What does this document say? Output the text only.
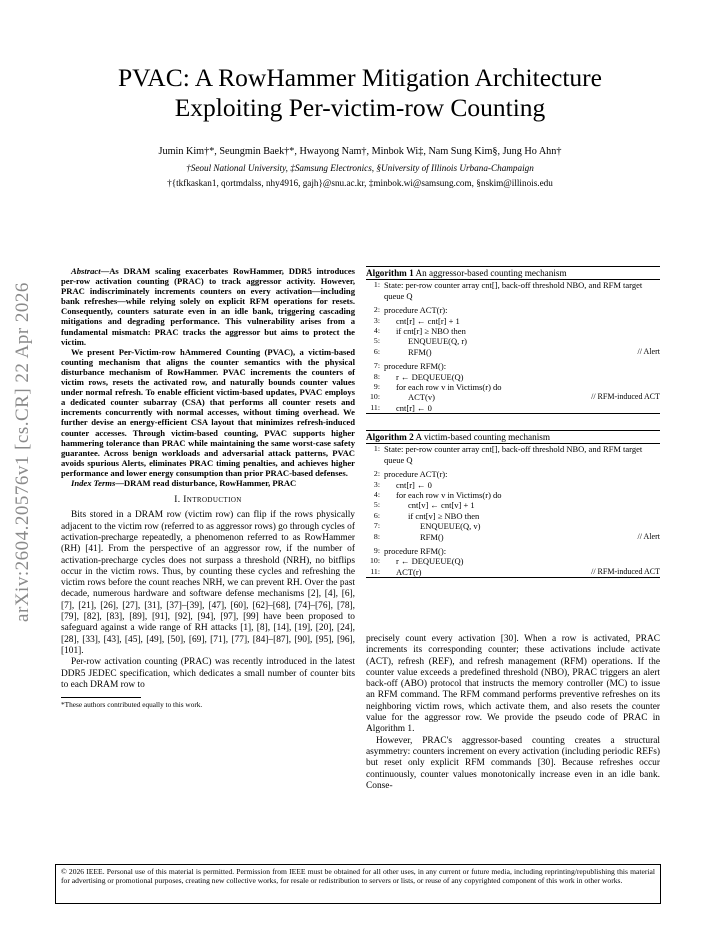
arXiv:2604.20576v1 [cs.CR] 22 Apr 2026
PVAC: A RowHammer Mitigation Architecture
Exploiting Per-victim-row Counting
Jumin Kim†*, Seungmin Baek†*, Hwayong Nam†, Minbok Wi‡, Nam Sung Kim§, Jung Ho Ahn†
†Seoul National University, ‡Samsung Electronics, §University of Illinois Urbana-Champaign
†{tkfkaskan1, qortmdalss, nhy4916, gajh}@snu.ac.kr, ‡minbok.wi@samsung.com, §nskim@illinois.edu

Abstract—As DRAM scaling exacerbates RowHammer, DDR5 introduces per-row activation counting (PRAC) to track aggressor activity. However, PRAC indiscriminately increments counters on every activation—including bank refreshes—while relying solely on explicit RFM operations for resets. Consequently, counters saturate even in an idle bank, triggering cascading mitigations and degrading performance. This vulnerability arises from a fundamental mismatch: PRAC tracks the aggressor but aims to protect the victim.

We present Per-Victim-row hAmmered Counting (PVAC), a victim-based counting mechanism that aligns the counter semantics with the physical disturbance mechanism of RowHammer. PVAC increments the counters of victim rows, resets the activated row, and naturally bounds counter values under normal refresh. To enable efficient victim-based updates, PVAC employs a dedicated counter subarray (CSA) that performs all counter resets and increments concurrently with normal accesses, without timing overhead. We further devise an energy-efficient CSA layout that minimizes refresh-induced counter accesses. Through victim-based counting, PVAC supports higher hammering tolerance than PRAC while maintaining the same worst-case safety guarantee. Across benign workloads and adversarial attack patterns, PVAC avoids spurious Alerts, eliminates PRAC timing penalties, and achieves higher performance and lower energy consumption than prior PRAC-based defenses.

Index Terms—DRAM read disturbance, RowHammer, PRAC

I. Introduction

Bits stored in a DRAM row (victim row) can flip if the rows physically adjacent to the victim row (referred to as aggressor rows) go through cycles of activation-precharge repeatedly, a phenomenon referred to as RowHammer (RH) [41]. From the perspective of an aggressor row, if the number of activation-precharge cycles does not surpass a threshold (NRH), no bitflips occur in the victim rows. Thus, by counting these cycles and refreshing the victim rows before the count reaches NRH, we can prevent RH. Over the past decade, numerous hardware and software defense mechanisms [2], [4], [6], [7], [21], [26], [27], [31], [37]–[39], [47], [60], [62]–[68], [74]–[76], [78], [79], [82], [83], [89], [91], [92], [94], [97], [99] have been proposed to safeguard against a wide range of RH attacks [1], [8], [14], [19], [20], [24], [28], [33], [43], [45], [49], [50], [69], [71], [77], [84]–[87], [90], [95], [96], [101].

Per-row activation counting (PRAC) was recently introduced in the latest DDR5 JEDEC specification, which dedicates a small number of counter bits to each DRAM row to

*These authors contributed equally to this work.
Algorithm 1 An aggressor-based counting mechanism
1: State: per-row counter array cnt[], back-off threshold NBO, and RFM target queue Q
2: procedure ACT(r):
3:	cnt[r] ← cnt[r] + 1
4:	if cnt[r] ≥ NBO then
5:	ENQUEUE(Q, r)
6:	RFM()	// Alert
7: procedure RFM():
8:	r ← DEQUEUE(Q)
9:	for each row v in Victims(r) do
10:	ACT(v)	// RFM-induced ACT
11:	cnt[r] ← 0
Algorithm 2 A victim-based counting mechanism
1: State: per-row counter array cnt[], back-off threshold NBO, and RFM target queue Q
2: procedure ACT(r):
3:	cnt[r] ← 0
4:	for each row v in Victims(r) do
5:	cnt[v] ← cnt[v] + 1
6:	if cnt[v] ≥ NBO then
7:	ENQUEUE(Q, v)
8:	RFM()	// Alert
9: procedure RFM():
10:	r ← DEQUEUE(Q)
11:	ACT(r)	// RFM-induced ACT

precisely count every activation [30]. When a row is activated, PRAC increments its corresponding counter; these activations include activate (ACT), refresh (REF), and refresh management (RFM) operations. If the counter value exceeds a predefined threshold (NBO), PRAC triggers an alert back-off (ABO) protocol that instructs the memory controller (MC) to issue an RFM command. The RFM command performs preventive refreshes on its neighboring victim rows, which activate them, and also resets the counter value for the aggressor row. We provide the pseudo code of PRAC in Algorithm 1.

However, PRAC's aggressor-based counting creates a structural asymmetry: counters increment on every activation (including periodic REFs) but reset only explicit RFM commands [30]. Because refreshes occur continuously, counter values monotonically increase even in an idle bank. Conse-

© 2026 IEEE. Personal use of this material is permitted. Permission from IEEE must be obtained for all other uses, in any current or future media, including reprinting/republishing this material for advertising or promotional purposes, creating new collective works, for resale or redistribution to servers or lists, or reuse of any copyrighted component of this work in other works.
